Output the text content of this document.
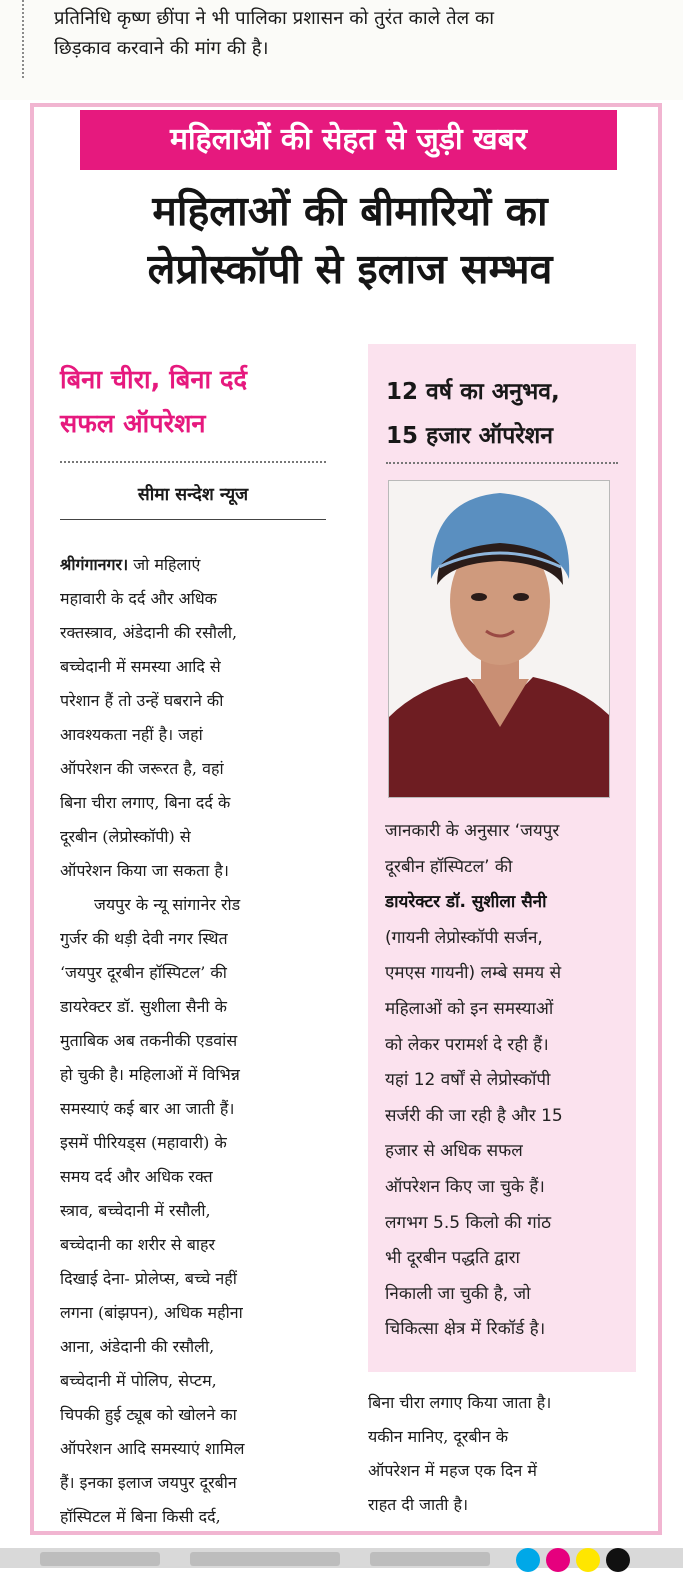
प्रतिनिधि कृष्ण छींपा ने भी पालिका प्रशासन को तुरंत काले तेल का
छिड़काव करवाने की मांग की है।
महिलाओं की सेहत से जुड़ी खबर
महिलाओं की बीमारियों का
लेप्रोस्कॉपी से इलाज सम्भव
बिना चीरा, बिना दर्द
सफल ऑपरेशन
सीमा सन्देश न्यूज
श्रीगंगानगर। जो महिलाएं
महावारी के दर्द और अधिक
रक्तस्त्राव, अंडेदानी की रसौली,
बच्चेदानी में समस्या आदि से
परेशान हैं तो उन्हें घबराने की
आवश्यकता नहीं है। जहां
ऑपरेशन की जरूरत है, वहां
बिना चीरा लगाए, बिना दर्द के
दूरबीन (लेप्रोस्कॉपी) से
ऑपरेशन किया जा सकता है।
जयपुर के न्यू सांगानेर रोड
गुर्जर की थड़ी देवी नगर स्थित
‘जयपुर दूरबीन हॉस्पिटल’ की
डायरेक्टर डॉ. सुशीला सैनी के
मुताबिक अब तकनीकी एडवांस
हो चुकी है। महिलाओं में विभिन्न
समस्याएं कई बार आ जाती हैं।
इसमें पीरियड्स (महावारी) के
समय दर्द और अधिक रक्त
स्त्राव, बच्चेदानी में रसौली,
बच्चेदानी का शरीर से बाहर
दिखाई देना- प्रोलेप्स, बच्चे नहीं
लगना (बांझपन), अधिक महीना
आना, अंडेदानी की रसौली,
बच्चेदानी में पोलिप, सेप्टम,
चिपकी हुई ट्यूब को खोलने का
ऑपरेशन आदि समस्याएं शामिल
हैं। इनका इलाज जयपुर दूरबीन
हॉस्पिटल में बिना किसी दर्द,
12 वर्ष का अनुभव,
15 हजार ऑपरेशन
जानकारी के अनुसार ‘जयपुर
दूरबीन हॉस्पिटल’ की
डायरेक्टर डॉ. सुशीला सैनी
(गायनी लेप्रोस्कॉपी सर्जन,
एमएस गायनी) लम्बे समय से
महिलाओं को इन समस्याओं
को लेकर परामर्श दे रही हैं।
यहां 12 वर्षों से लेप्रोस्कॉपी
सर्जरी की जा रही है और 15
हजार से अधिक सफल
ऑपरेशन किए जा चुके हैं।
लगभग 5.5 किलो की गांठ
भी दूरबीन पद्धति द्वारा
निकाली जा चुकी है, जो
चिकित्सा क्षेत्र में रिकॉर्ड है।
बिना चीरा लगाए किया जाता है।
यकीन मानिए, दूरबीन के
ऑपरेशन में महज एक दिन में
राहत दी जाती है।
